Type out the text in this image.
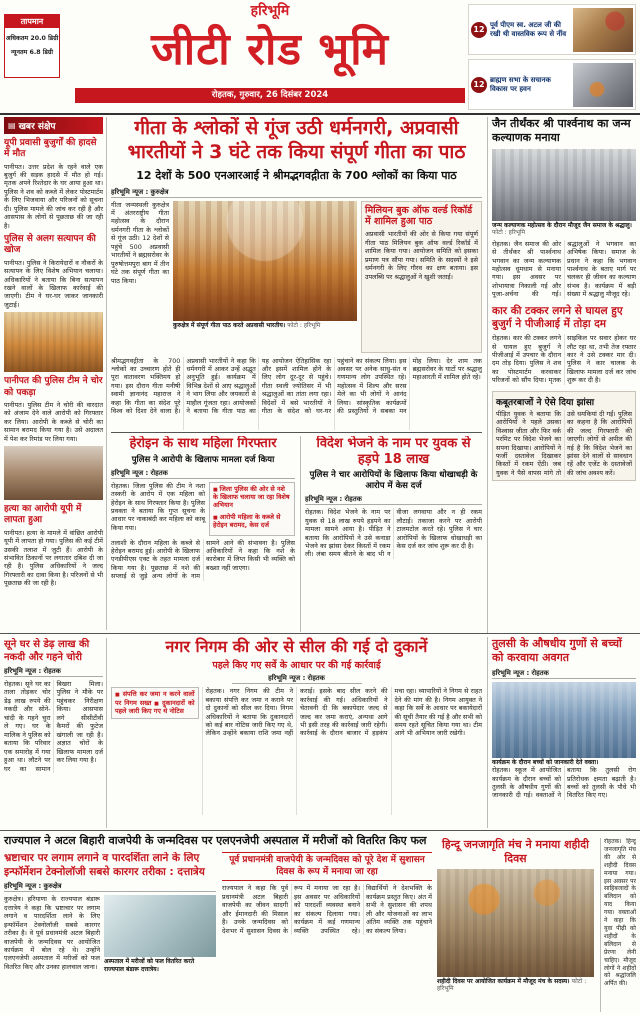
तापमान
अधिकतम 20.0 डिग्री
न्यूनतम 6.8 डिग्री
हरिभूमि
जीटी रोड भूमि
रोहतक, गुरुवार, 26 दिसंबर 2024
12
पूर्व पीएम स्व. अटल जी की रखी थी वास्तविक रूप से नींव
12
ब्राह्मण सभा के सचानक विकास पर हवन
▤ खबर संक्षेप
यूपी प्रवासी बुजुर्गों की हादसे में मौत

पानीपत। उत्तर प्रदेश के रहने वाले एक बुजुर्ग की सड़क हादसे में मौत हो गई। मृतक अपने रिश्तेदार के घर आया हुआ था। पुलिस ने शव को कब्जे में लेकर पोस्टमार्टम के लिए भिजवाया और परिजनों को सूचना दी। पुलिस मामले की जांच कर रही है और आसपास के लोगों से पूछताछ की जा रही है।

पुलिस से अलग सत्यापन की खोज

पानीपत। पुलिस ने किरायेदारों व नौकरों के सत्यापन के लिए विशेष अभियान चलाया। अधिकारियों ने बताया कि बिना सत्यापन रखने वालों के खिलाफ कार्रवाई की जाएगी। टीम ने घर-घर जाकर जानकारी जुटाई।

पानीपत की पुलिस टीम ने चोर को पकड़ा

पानीपत। पुलिस टीम ने चोरी की वारदात को अंजाम देने वाले आरोपी को गिरफ्तार कर लिया। आरोपी के कब्जे से चोरी का सामान बरामद किया गया है। उसे अदालत में पेश कर रिमांड पर लिया गया।

हत्या का आरोपी यूपी में लापता हुआ

पानीपत। हत्या के मामले में वांछित आरोपी यूपी में लापता हो गया। पुलिस की कई टीमें उसकी तलाश में जुटी हैं। आरोपी के संभावित ठिकानों पर लगातार दबिश दी जा रही है। पुलिस अधिकारियों ने जल्द गिरफ्तारी का दावा किया है। परिजनों से भी पूछताछ की जा रही है।

गीता के श्लोकों से गूंज उठी धर्मनगरी, अप्रवासी भारतीयों ने 3 घंटे तक किया संपूर्ण गीता का पाठ
12 देशों के 500 एनआरआई ने श्रीमद्भगवद्गीता के 700 श्लोकों का किया पाठ
हरिभूमि न्यूज : कुरुक्षेत्र

गीता जन्मस्थली कुरुक्षेत्र में अंतरराष्ट्रीय गीता महोत्सव के दौरान धर्मनगरी गीता के श्लोकों से गूंज उठी। 12 देशों से पहुंचे 500 अप्रवासी भारतीयों ने ब्रह्मसरोवर के पुरुषोत्तमपुरा बाग में तीन घंटे तक संपूर्ण गीता का पाठ किया।

कुरुक्षेत्र में संपूर्ण गीता पाठ करते अप्रवासी भारतीय। फोटो : हरिभूमि
मिलियन बुक ऑफ वर्ल्ड रिकॉर्ड में शामिल हुआ पाठ

अप्रवासी भारतीयों की ओर से किया गया संपूर्ण गीता पाठ मिलियन बुक ऑफ वर्ल्ड रिकॉर्ड में शामिल किया गया। आयोजन समिति को इसका प्रमाण पत्र सौंपा गया। समिति के सदस्यों ने इसे धर्मनगरी के लिए गौरव का क्षण बताया। इस उपलब्धि पर श्रद्धालुओं ने खुशी जताई।

श्रीमद्भगवद्गीता के 700 श्लोकों का उच्चारण होते ही पूरा वातावरण भक्तिमय हो गया। इस दौरान गीता मनीषी स्वामी ज्ञानानंद महाराज ने कहा कि गीता का संदेश पूरे विश्व को दिशा देने वाला है। अप्रवासी भारतीयों ने कहा कि धर्मनगरी में आकर उन्हें अद्भुत अनुभूति हुई। कार्यक्रम में विभिन्न देशों से आए श्रद्धालुओं ने भाग लिया और जयकारों से माहौल गूंजता रहा। आयोजकों ने बताया कि गीता पाठ का यह आयोजन ऐतिहासिक रहा और इसमें शामिल होने के लिए लोग दूर-दूर से पहुंचे। गीता स्थली ज्योतिसर में भी श्रद्धालुओं का तांता लगा रहा। विदेशों में बसे भारतीयों ने गीता के संदेश को घर-घर पहुंचाने का संकल्प लिया। इस अवसर पर अनेक साधु-संत व गणमान्य लोग उपस्थित रहे। महोत्सव में शिल्प और सरस मेले का भी लोगों ने आनंद लिया। सांस्कृतिक कार्यक्रमों की प्रस्तुतियों ने सबका मन मोह लिया। देर शाम तक ब्रह्मसरोवर के घाटों पर श्रद्धालु महाआरती में शामिल होते रहे।
जैन तीर्थंकर श्री पार्श्वनाथ का जन्म कल्याणक मनाया
जन्म कल्याणक महोत्सव के दौरान मौजूद जैन समाज के श्रद्धालु। फोटो : हरिभूमि
रोहतक। जैन समाज की ओर से तीर्थंकर श्री पार्श्वनाथ भगवान का जन्म कल्याणक महोत्सव धूमधाम से मनाया गया। इस अवसर पर शोभायात्रा निकाली गई और पूजा-अर्चना की गई। श्रद्धालुओं ने भगवान का अभिषेक किया। समाज के प्रधान ने कहा कि भगवान पार्श्वनाथ के बताए मार्ग पर चलकर ही जीवन का कल्याण संभव है। कार्यक्रम में बड़ी संख्या में श्रद्धालु मौजूद रहे।
कार की टक्कर लगने से घायल हुए बुजुर्ग ने पीजीआई में तोड़ा दम
रोहतक। कार की टक्कर लगने से घायल हुए बुजुर्ग ने पीजीआई में उपचार के दौरान दम तोड़ दिया। पुलिस ने शव का पोस्टमार्टम करवाकर परिजनों को सौंप दिया। मृतक साइकिल पर सवार होकर घर लौट रहा था, तभी तेज रफ्तार कार ने उसे टक्कर मार दी। पुलिस ने कार चालक के खिलाफ मामला दर्ज कर जांच शुरू कर दी है।
कबूतरबाजों ने ऐसे दिया झांसा
पीड़ित युवक ने बताया कि आरोपियों ने पहले उसका विश्वास जीता और फिर वर्क परमिट पर विदेश भेजने का सपना दिखाया। आरोपियों ने फर्जी दस्तावेज दिखाकर किस्तों में रकम ऐंठी। जब युवक ने पैसे वापस मांगे तो उसे धमकियां दी गईं। पुलिस का कहना है कि आरोपियों की जल्द गिरफ्तारी की जाएगी। लोगों से अपील की गई है कि विदेश भेजने का झांसा देने वालों से सावधान रहें और एजेंट के दस्तावेजों की जांच अवश्य करें।
हेरोइन के साथ महिला गिरफ्तार
पुलिस ने आरोपी के खिलाफ मामला दर्ज किया
हरिभूमि न्यूज : रोहतक

रोहतक। जिला पुलिस की टीम ने नशा तस्करी के आरोप में एक महिला को हेरोइन के साथ गिरफ्तार किया है। पुलिस प्रवक्ता ने बताया कि गुप्त सूचना के आधार पर नाकाबंदी कर महिला को काबू किया गया।

■ जिला पुलिस की ओर से नशे के खिलाफ चलाया जा रहा विशेष अभियान
■ आरोपी महिला के कब्जे से हेरोइन बरामद, केस दर्ज
तलाशी के दौरान महिला के कब्जे से हेरोइन बरामद हुई। आरोपी के खिलाफ एनडीपीएस एक्ट के तहत मामला दर्ज किया गया है। पूछताछ में नशे की सप्लाई से जुड़े अन्य लोगों के नाम सामने आने की संभावना है। पुलिस अधिकारियों ने कहा कि नशे के कारोबार में लिप्त किसी भी व्यक्ति को बख्शा नहीं जाएगा।
विदेश भेजने के नाम पर युवक से हड़पे 18 लाख
पुलिस ने चार आरोपियों के खिलाफ किया धोखाधड़ी के आरोप में केस दर्ज
हरिभूमि न्यूज : रोहतक
रोहतक। विदेश भेजने के नाम पर युवक से 18 लाख रुपये हड़पने का मामला सामने आया है। पीड़ित ने बताया कि आरोपियों ने उसे कनाडा भेजने का झांसा देकर किस्तों में रकम ली। लंबा समय बीतने के बाद भी न वीजा लगवाया और न ही रकम लौटाई। तकाजा करने पर आरोपी टालमटोल करते रहे। पुलिस ने चार आरोपियों के खिलाफ धोखाधड़ी का केस दर्ज कर जांच शुरू कर दी है।
सूने घर से डेढ़ लाख की नकदी और गहने चोरी
हरिभूमि न्यूज : रोहतक
रोहतक। सूने घर का ताला तोड़कर चोर डेढ़ लाख रुपये की नकदी और सोने-चांदी के गहने चुरा ले गए। घर के मालिक ने पुलिस को बताया कि परिवार एक समारोह में गया हुआ था। लौटने पर घर का सामान बिखरा मिला। पुलिस ने मौके पर पहुंचकर निरीक्षण किया। आसपास लगे सीसीटीवी कैमरों की फुटेज खंगाली जा रही है। अज्ञात चोरों के खिलाफ मामला दर्ज कर लिया गया है।
नगर निगम की ओर से सील की गई दो दुकानें
पहले किए गए सर्वे के आधार पर की गई कार्रवाई
हरिभूमि न्यूज : रोहतक
■ संपत्ति कर जमा न करने वालों पर निगम सख्त ■ दुकानदारों को पहले जारी किए गए थे नोटिस
रोहतक। नगर निगम की टीम ने बकाया संपत्ति कर जमा न कराने पर दो दुकानों को सील कर दिया। निगम अधिकारियों ने बताया कि दुकानदारों को कई बार नोटिस जारी किए गए थे, लेकिन उन्होंने बकाया राशि जमा नहीं कराई। इसके बाद सील करने की कार्रवाई की गई। अधिकारियों ने चेतावनी दी कि बकायेदार जल्द से जल्द कर जमा कराएं, अन्यथा आगे भी इसी तरह की कार्रवाई जारी रहेगी। कार्रवाई के दौरान बाजार में हड़कंप मचा रहा। व्यापारियों ने निगम से राहत देने की मांग की है। निगम आयुक्त ने कहा कि सर्वे के आधार पर बकायेदारों की सूची तैयार की गई है और सभी को समय रहते सूचित किया गया था। टीम आगे भी अभियान जारी रखेगी।
तुलसी के औषधीय गुणों से बच्चों को करवाया अवगत
हरिभूमि न्यूज : रोहतक
कार्यक्रम के दौरान बच्चों को जानकारी देते वक्ता।
रोहतक। स्कूल में आयोजित कार्यक्रम के दौरान बच्चों को तुलसी के औषधीय गुणों की जानकारी दी गई। वक्ताओं ने बताया कि तुलसी रोग प्रतिरोधक क्षमता बढ़ाती है। बच्चों को तुलसी के पौधे भी वितरित किए गए।
राज्यपाल ने अटल बिहारी वाजपेयी के जन्मदिवस पर एलएनजेपी अस्पताल में मरीजों को वितरित किए फल
भ्रष्टाचार पर लगाम लगाने व पारदर्शिता लाने के लिए इन्फॉर्मेशन टेक्नोलॉजी सबसे कारगर तरीका : दत्तात्रेय
हरिभूमि न्यूज : कुरुक्षेत्र

कुरुक्षेत्र। हरियाणा के राज्यपाल बंडारू दत्तात्रेय ने कहा कि भ्रष्टाचार पर लगाम लगाने व पारदर्शिता लाने के लिए इन्फॉर्मेशन टेक्नोलॉजी सबसे कारगर तरीका है। वे पूर्व प्रधानमंत्री अटल बिहारी वाजपेयी के जन्मदिवस पर आयोजित कार्यक्रम में बोल रहे थे। उन्होंने एलएनजेपी अस्पताल में मरीजों को फल वितरित किए और उनका हालचाल जाना।

अस्पताल में मरीजों को फल वितरित करते राज्यपाल बंडारू दत्तात्रेय।
पूर्व प्रधानमंत्री वाजपेयी के जन्मदिवस को पूरे देश में सुशासन दिवस के रूप में मनाया जा रहा
राज्यपाल ने कहा कि पूर्व प्रधानमंत्री अटल बिहारी वाजपेयी का जीवन सादगी और ईमानदारी की मिसाल है। उनके जन्मदिवस को देशभर में सुशासन दिवस के रूप में मनाया जा रहा है। इस अवसर पर अधिकारियों को पारदर्शी व्यवस्था बनाने का संकल्प दिलाया गया। कार्यक्रम में कई गणमान्य व्यक्ति उपस्थित रहे। विद्यार्थियों ने देशभक्ति के कार्यक्रम प्रस्तुत किए। अंत में सभी ने सुशासन की शपथ ली और योजनाओं का लाभ अंतिम व्यक्ति तक पहुंचाने का संकल्प लिया।
हिन्दू जनजागृति मंच ने मनाया शहीदी दिवस
शहीदी दिवस पर आयोजित कार्यक्रम में मौजूद मंच के सदस्य। फोटो : हरिभूमि
रोहतक। हिन्दू जनजागृति मंच की ओर से शहीदी दिवस मनाया गया। इस अवसर पर साहिबजादों के बलिदान को याद किया गया। वक्ताओं ने कहा कि युवा पीढ़ी को शहीदों के बलिदान से प्रेरणा लेनी चाहिए। मौजूद लोगों ने शहीदों को श्रद्धांजलि अर्पित की।
